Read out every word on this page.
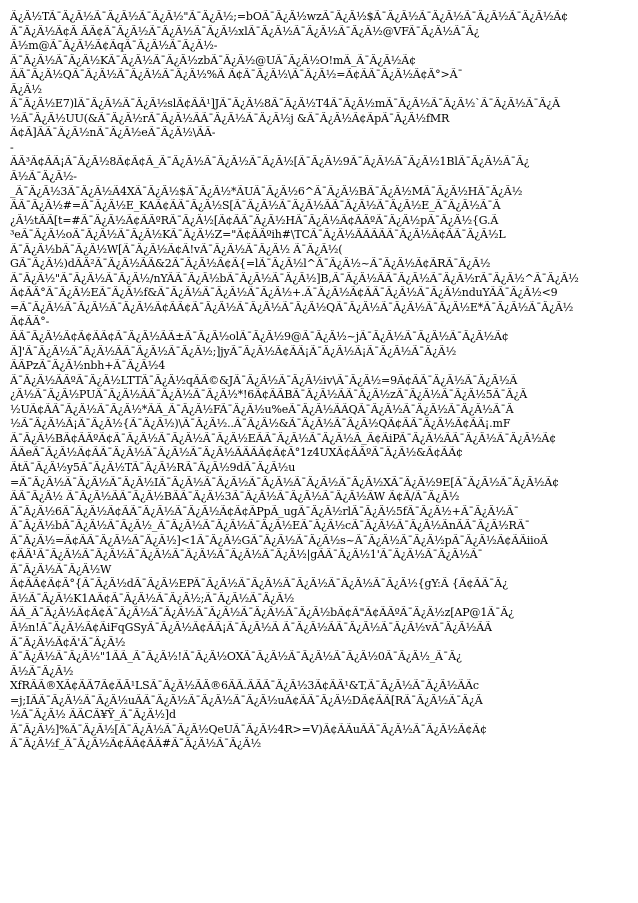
Ã¿Â½TÃ¯Â¿Â½Ã¯Â¿Â½Ã¯Â¿Â½"Ã¯Â¿Â½;=bOÃ¯Â¿Â½wzÃ¯Â¿Â½$Ã¯Â¿Â½Ã¯Â¿Â½Ã¯Â¿Â½Ã¯Â¿Â½Ã¢
Ã¯Â¿Â½Ã¢Â ÃÃ¢Ã¯Â¿Â½Ã¯Â¿Â½Ã¯Â¿Â½xlÃ¯Â¿Â½Ã¯Â¿Â½Ã¯Â¿Â½@VFÃ¯Â¿Â½Ã¯Â¿
Â½m@Ã¯Â¿Â½Ã¢ÃqÃ¯Â¿Â½Ã¯Â¿Â½-
Ã¯Â¿Â½Ã¯Â¿Â½KÃ¯Â¿Â½Ã¯Â¿Â½zbÃ¯Â¿Â½@UÃ¯Â¿Â½O!mÃ_Ã¯Â¿Â½Ã¢
ÃÃ¯Â¿Â½QÃ¯Â¿Â½Ã¯Â¿Â½Ã¯Â¿Â½%Ã Ã¢Ã¯Â¿Â½\Ã¯Â¿Â½=Ã¢ÃÃ¯Â¿Â½Ã¢Â°>Ã¯
Â¿Â½
Ã¯Â¿Â½E7)lÃ¯Â¿Â½Ã¯Â¿Â½slÃ¢ÃÂ¹]JÃ¯Â¿Â½8Ã¯Â¿Â½T4Ã¯Â¿Â½mÃ¯Â¿Â½Ã¯Â¿Â½`Ã¯Â¿Â½Ã¯Â¿Â
½Ã¯Â¿Â½UU(&Ã¯Â¿Â½rÃ¯Â¿Â½ÃÃ¯Â¿Â½Ã¯Â¿Â½j &Ã¯Â¿Â½Ã¢ÃpÃ¯Â¿Â½fMR
Ã¢Ã]ÃÃ¯Â¿Â½nÃ¯Â¿Â½eÃ¯Â¿Â½\ÃÂ-
-
ÃÂ³Ã¢ÃÃ¡Ã¯Â¿Â½8Ã¢Ã¢Ã_Ã¯Â¿Â½Ã¯Â¿Â½Ã¯Â¿Â½[Ã¯Â¿Â½9Ã¯Â¿Â½Ã¯Â¿Â½1BlÃ¯Â¿Â½Ã¯Â¿
Â½Ã¯Â¿Â½-
_Ã¯Â¿Â½3Ã¯Â¿Â½Ã4XÃ¯Â¿Â½$Ã¯Â¿Â½*ÃUÃ¯Â¿Â½6^Ã¯Â¿Â½BÃ¯Â¿Â½MÃ¯Â¿Â½HÃ¯Â¿Â½
ÃÃ¯Â¿Â½#=Ã¯Â¿Â½E_KAÃ¢ÃÃ¯Â¿Â½S[Ã¯Â¿Â½Ã¯Â¿Â½ÃÃ¯Â¿Â½Ã¯Â¿Â½E_Ã¯Â¿Â½Ã¯Â
¿Â½tÃÃ[t=#Ã¯Â¿Â½Ã¢ÃÂºRÃ¯Â¿Â½[Ã¢ÃÃ¯Â¿Â½HÃ¯Â¿Â½Ã¢ÃÂºÃ¯Â¿Â½pÃ¯Â¿Â½{G.Ã
³eÃ¯Â¿Â½oÃ¯Â¿Â½Ã¯Â¿Â½KÃ¯Â¿Â½Z="Ã¢ÃÂºih#\TCÃ¯Â¿Â½ÃÃÃÃÃ¯Â¿Â½Ã¢ÃÃ¯Â¿Â½L
Ã¯Â¿Â½bÃ¯Â¿Â½W[Ã¯Â¿Â½Ã¢Ã!vÃ¯Â¿Â½Ã¯Â¿Â½ Ã¯Â¿Â½(
GÃ¯Â¿Â½)dÃÂ²Ã¯Â¿Â½ÃÃ&2Ã¯Â¿Â½Ã¢Ã{=lÃ¯Â¿Â½l^Ã¯Â¿Â½~Ã¯Â¿Â½Ã¢ÃRÃ¯Â¿Â½
Ã¯Â¿Â½"Ã¯Â¿Â½Ã¯Â¿Â½/nYÃÃ¯Â¿Â½bÃ¯Â¿Â½Ã¯Â¿Â½]B,Ã¯Â¿Â½ÃÃ¯Â¿Â½Ã¯Â¿Â½rÃ¯Â¿Â½^Ã¯Â¿Â½
Ã¢ÃÂ°Ã¯Â¿Â½EÃ¯Â¿Â½f&Ã¯Â¿Â½Ã¯Â¿Â½Ã¯Â¿Â½+.Ã¯Â¿Â½Ã¢ÃÃ¯Â¿Â½Ã¯Â¿Â½nduYÃÃ¯Â¿Â½<9
=Ã¯Â¿Â½Ã¯Â¿Â½Ã¯Â¿Â½Ã¢ÃÃ¢Ã¯Â¿Â½Ã¯Â¿Â½Ã¯Â¿Â½QÃ¯Â¿Â½Ã¯Â¿Â½Ã¯Â¿Â½E*Ã¯Â¿Â½Ã¯Â¿Â½
Ã¢ÃÂ°-
ÃÃ¯Â¿Â½Ã¢Ã¢ÃÃ¢Ã¯Â¿Â½ÃÃ±Ã¯Â¿Â½olÃ¯Â¿Â½9@Ã¯Â¿Â½~jÃ¯Â¿Â½Ã¯Â¿Â½Ã¯Â¿Â½Ã¢
Ã]'Ã¯Â¿Â½Ã¯Â¿Â½ÃÃ¯Â¿Â½Ã¯Â¿Â½;]jyÃ¯Â¿Â½Ã¢ÃÃ¡Ã¯Â¿Â½Ã¡Ã¯Â¿Â½Ã¯Â¿Â½
ÃÃPzÃ¯Â¿Â½nbh+Ã¯Â¿Â½4
Ã¯Â¿Â½ÃÂºÃ¯Â¿Â½LTTÃ¯Â¿Â½qÃÃ©&JÃ¯Â¿Â½Ã¯Â¿Â½iv\Ã¯Â¿Â½=9Ã¢ÃÃ¯Â¿Â½Ã¯Â¿Â½Ã
¿Â½Ã¯Â¿Â½PUÃ¯Â¿Â½ÃÃ¯Â¿Â½Ã¯Â¿Â½*!6Ã¢ÃÃBÃ¯Â¿Â½ÃÃ¯Â¿Â½zÃ¯Â¿Â½Ã¯Â¿Â½5Ã¯Â¿Â
½UÃ¢ÃÃ¯Â¿Â½Ã¯Â¿Â½*ÃÃ_Ã¯Â¿Â½FÃ¯Â¿Â½u%eÃ¯Â¿Â½ÃÃQÃ¯Â¿Â½Ã¯Â¿Â½Ã¯Â¿Â½Ã¯Â
½Ã¯Â¿Â½Ã¡Ã¯Â¿Â½{Ã¯Â¿Â½)\Ã¯Â¿Â½..Ã¯Â¿Â½&Ã¯Â¿Â½Ã¯Â¿Â½QÃ¢ÃÃ¯Â¿Â½Ã¢ÃÃ¡.mF
Ã¯Â¿Â½BÃ¢ÃÂºÃ¢Ã¯Â¿Â½Ã¯Â¿Â½Ã¯Â¿Â½EÃÃ¯Â¿Â½Ã¯Â¿Â½Ã_Ã¢ÃiPÃ¯Â¿Â½ÃÃ¯Â¿Â½Ã¯Â¿Â½Ã¢
ÃÃeÃ¯Â¿Â½Ã¢ÃÃ¯Â¿Â½Ã¯Â¿Â½Ã¯Â¿Â½ÃÃÃÃ¢Ã¢Â°1z4UXÃ¢ÃÂºÃ¯Â¿Â½&Ã¢ÃÃ¢
ÃtÃ¯Â¿Â½y5Ã¯Â¿Â½TÃ¯Â¿Â½RÃ¯Â¿Â½9dÃ¯Â¿Â½u
=Ã¯Â¿Â½Ã¯Â¿Â½Ã¯Â¿Â½IÃ¯Â¿Â½Ã¯Â¿Â½Ã¯Â¿Â½Ã¯Â¿Â½Ã¯Â¿Â½XÃ¯Â¿Â½9E[Ã¯Â¿Â½Ã¯Â¿Â½Ã¢
ÃÃ¯Â¿Â½ Ã¯Â¿Â½ÃÃ¯Â¿Â½BÃÃ¯Â¿Â½3Ã¯Â¿Â½Ã¯Â¿Â½Ã¯Â¿Â½ÃW Ã¢Ã/Ã¯Â¿Â½
Ã¯Â¿Â½6Ã¯Â¿Â½Ã¢ÃÃ¯Â¿Â½Ã¯Â¿Â½Ã¢Ã¢ÃPpÃ_ugÃ¯Â¿Â½rlÃ¯Â¿Â½5fÃ¯Â¿Â½+Ã¯Â¿Â½Ã¯
Ã¯Â¿Â½bÃ¯Â¿Â½Ã¯Â¿Â½_Ã¯Â¿Â½Ã¯Â¿Â½Ã¯Â¿Â½EÃ¯Â¿Â½cÃ¯Â¿Â½Ã¯Â¿Â½ÃnÃÃ¯Â¿Â½RÃ¯
Ã¯Â¿Â½=Ã¢ÃÃ¯Â¿Â½Ã¯Â¿Â½]<1Ã¯Â¿Â½GÃ¯Â¿Â½Ã¯Â¿Â½s~Ã¯Â¿Â½Ã¯Â¿Â½pÃ¯Â¿Â½Ã¢ÃÃiioÃ
¢ÃÂ¹Ã¯Â¿Â½Ã¯Â¿Â½Ã¯Â¿Â½Ã¯Â¿Â½Ã¯Â¿Â½Ã¯Â¿Â½|gÃÃ¯Â¿Â½1'Ã¯Â¿Â½Ã¯Â¿Â½Ã¯
Ã¯Â¿Â½Ã¯Â¿Â½W
Ã¢ÃÃ¢Ã¢Â°{Ã¯Â¿Â½dÃ¯Â¿Â½EPÃ¯Â¿Â½Ã¯Â¿Â½Ã¯Â¿Â½Ã¯Â¿Â½Ã¯Â¿Â½{gY:Ã {Ã¢ÃÃ¯Â¿
Â½Ã¯Â¿Â½K1AÃ¢Ã¯Â¿Â½Ã¯Â¿Â½;Ã¯Â¿Â½Ã¯Â¿Â½
ÃÃ_Ã¯Â¿Â½Ã¢Ã¢Ã¯Â¿Â½Ã¯Â¿Â½Ã¯Â¿Â½Ã¯Â¿Â½Ã¯Â¿Â½bÃ¢Ã"Ã¢ÃÂºÃ¯Â¿Â½z[AP@1Ã¯Â¿
Â½n!Ã¯Â¿Â½Ã¢ÃiFqGSyÃ¯Â¿Â½Ã¢ÃÃ¡Ã¯Â¿Â½Ã Ã¯Â¿Â½ÃÃ¯Â¿Â½Ã¯Â¿Â½vÃ¯Â¿Â½ÃÃ
Ã¯Â¿Â½Ã¢Ã'Ã¯Â¿Â½
Ã¯Â¿Â½Ã¯Â¿Â½"1ÃÃ_Ã¯Â¿Â½!Ã¯Â¿Â½OXÃ¯Â¿Â½Ã¯Â¿Â½Ã¯Â¿Â½0Ã¯Â¿Â½_Ã¯Â¿
Â½Ã¯Â¿Â½
XfRÃÃ®XÃ¢ÃÃ7Ã¢ÃÂ¹LSÃ¯Â¿Â½ÃÂ®6ÃÃ.ÃÃÃ¯Â¿Â½3Ã¢ÃÂ¹&T,Ã¯Â¿Â½Ã¯Â¿Â½ÃÃc
=j;IÃÃ¯Â¿Â½Ã¯Â¿Â½uÃÃ¯Â¿Â½Ã¯Â¿Â½Ã¯Â¿Â½uÃ¢ÃÃ¯Â¿Â½DÃ¢ÃÃ[RÃ¯Â¿Â½Ã¯Â¿Â
½Ã¯Â¿Â½ ÃÃCÃ¥Ÿ_Ã¯Â¿Â½]d
Ã¯Â¿Â½]%Ã¯Â¿Â½[Ã¯Â¿Â½Ã¯Â¿Â½QeUÃ¯Â¿Â½4R>=V)Ã¢ÃÃuÃÃ¯Â¿Â½Ã¯Â¿Â½Ã¢Ã¢
Ã¯Â¿Â½f_Ã¯Â¿Â½Ã¢ÃÃ¢ÃÃ#Ã¯Â¿Â½Ã¯Â¿Â½
